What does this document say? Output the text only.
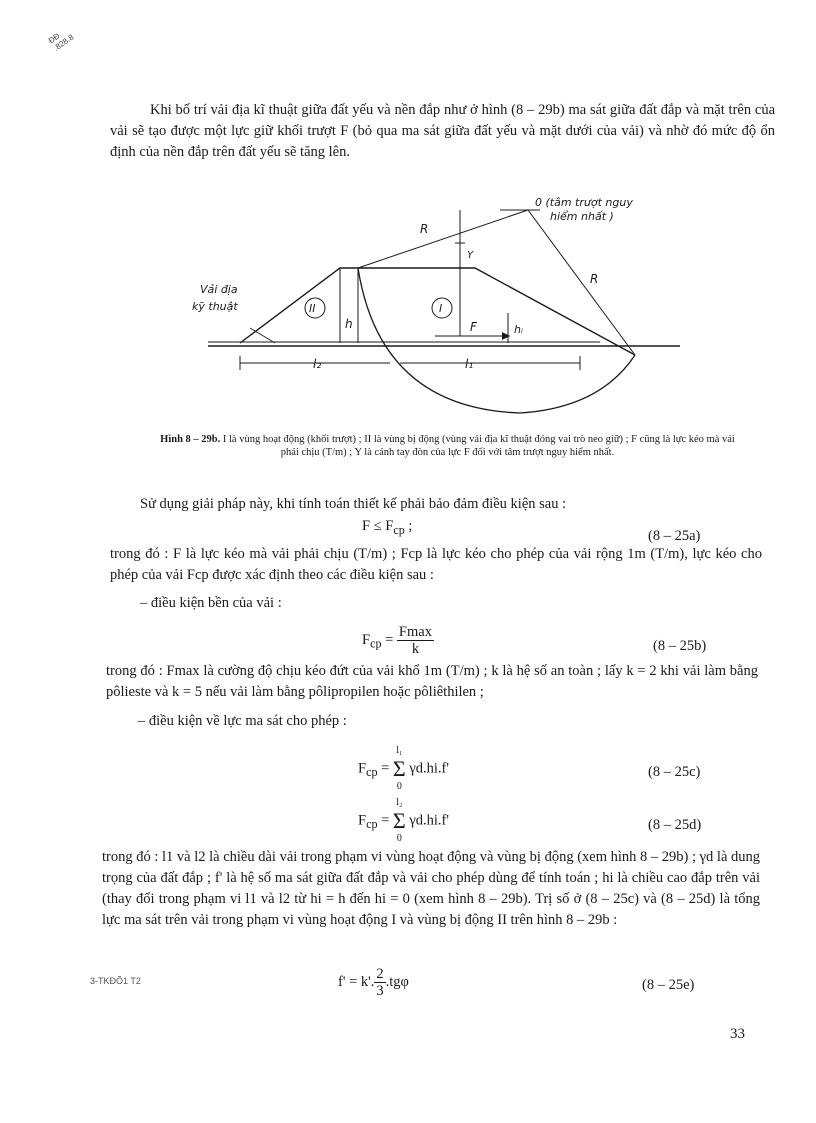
ĐĐ
.828.8
Khi bố trí vải địa kĩ thuật giữa đất yếu và nền đắp như ở hình (8 – 29b) ma sát giữa đất đắp và mặt trên của vải sẽ tạo được một lực giữ khối trượt F (bỏ qua ma sát giữa đất yếu và mặt dưới của vải) và nhờ đó mức độ ổn định của nền đắp trên đất yếu sẽ tăng lên.
0 (tâm trượt nguy
hiểm nhất )
R
R
Y
Vải địa
kỹ thuật	II	I
h	hᵢ
F
l₂	l₁
Hình 8 – 29b. I là vùng hoạt động (khối trượt) ; II là vùng bị động (vùng vải địa kĩ thuật đóng vai trò neo giữ) ; F cũng là lực kéo mà vải phải chịu (T/m) ; Y là cánh tay đòn của lực F đối với tâm trượt nguy hiểm nhất.
Sử dụng giải pháp này, khi tính toán thiết kế phải bảo đảm điều kiện sau :
$F \le F_{cp}$ ;
(8 – 25a)
trong đó : F là lực kéo mà vải phải chịu (T/m) ; Fcp là lực kéo cho phép của vải rộng 1m (T/m), lực kéo cho phép của vải Fcp được xác định theo các điều kiện sau :
– điều kiện bền của vải :
$F_{cp} = \frac{Fmax}{k}$	(8 – 25b)
trong đó : Fmax là cường độ chịu kéo đứt của vải khổ 1m (T/m) ; k là hệ số an toàn ; lấy k = 2 khi vải làm bằng pôlieste và k = 5 nếu vải làm bằng pôlipropilen hoặc pôliêthilen ;
– điều kiện về lực ma sát cho phép :
$F_{cp}$ =
l₁
Σ
0
γd.hi.f'	(8 – 25c)
$F_{cp}$ =
l₂
Σ
0
γd.hi.f'	(8 – 25d)
trong đó : l1 và l2 là chiều dài vải trong phạm vi vùng hoạt động và vùng bị động (xem hình 8 – 29b) ; γd là dung trọng của đất đắp ; f' là hệ số ma sát giữa đất đắp và vải cho phép dùng để tính toán ; hi là chiều cao đắp trên vải (thay đổi trong phạm vi l1 và l2 từ hi = h đến hi = 0 (xem hình 8 – 29b). Trị số ở (8 – 25c) và (8 – 25d) là tổng lực ma sát trên vải trong phạm vi vùng hoạt động I và vùng bị động II trên hình 8 – 29b :
f' = k'. $\frac{2}{3} .tg\varphi$	(8 – 25e)
3-TKĐÕ1 T2
33
